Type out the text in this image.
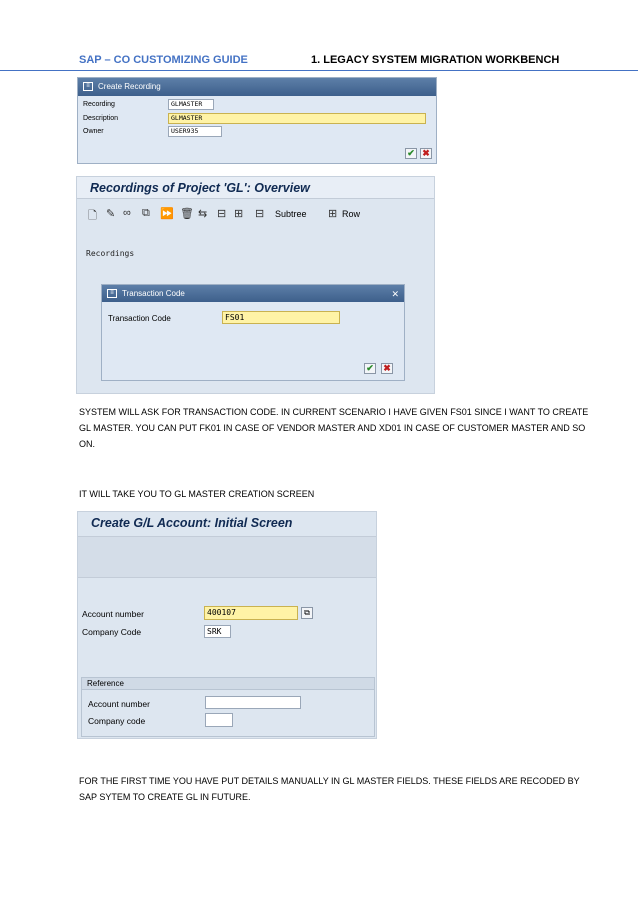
SAP – CO CUSTOMIZING GUIDE	1. LEGACY SYSTEM MIGRATION WORKBENCH
≡	Create Recording
Recording	GLMASTER
Description	GLMASTER
Owner	USER935
✔ ✖
Recordings of Project 'GL': Overview
🗋 ✎ ∞ ⧉ ⏩ 🗑 ⇆ ⊟ ⊞ ⊟ Subtree ⊞ Row
Recordings
≡	Transaction Code	✕
Transaction Code	FS01
✔ ✖
SYSTEM WILL ASK FOR TRANSACTION CODE. IN CURRENT SCENARIO I HAVE GIVEN FS01 SINCE I WANT TO CREATE GL MASTER. YOU CAN PUT FK01 IN CASE OF VENDOR MASTER AND XD01 IN CASE OF CUSTOMER MASTER AND SO ON.
IT WILL TAKE YOU TO GL MASTER CREATION SCREEN
Create G/L Account: Initial Screen
Account number	400107	⧉
Company Code	SRK
Reference
Account number
Company code
FOR THE FIRST TIME YOU HAVE PUT DETAILS MANUALLY IN GL MASTER FIELDS. THESE FIELDS ARE RECODED BY SAP SYTEM TO CREATE GL IN FUTURE.
